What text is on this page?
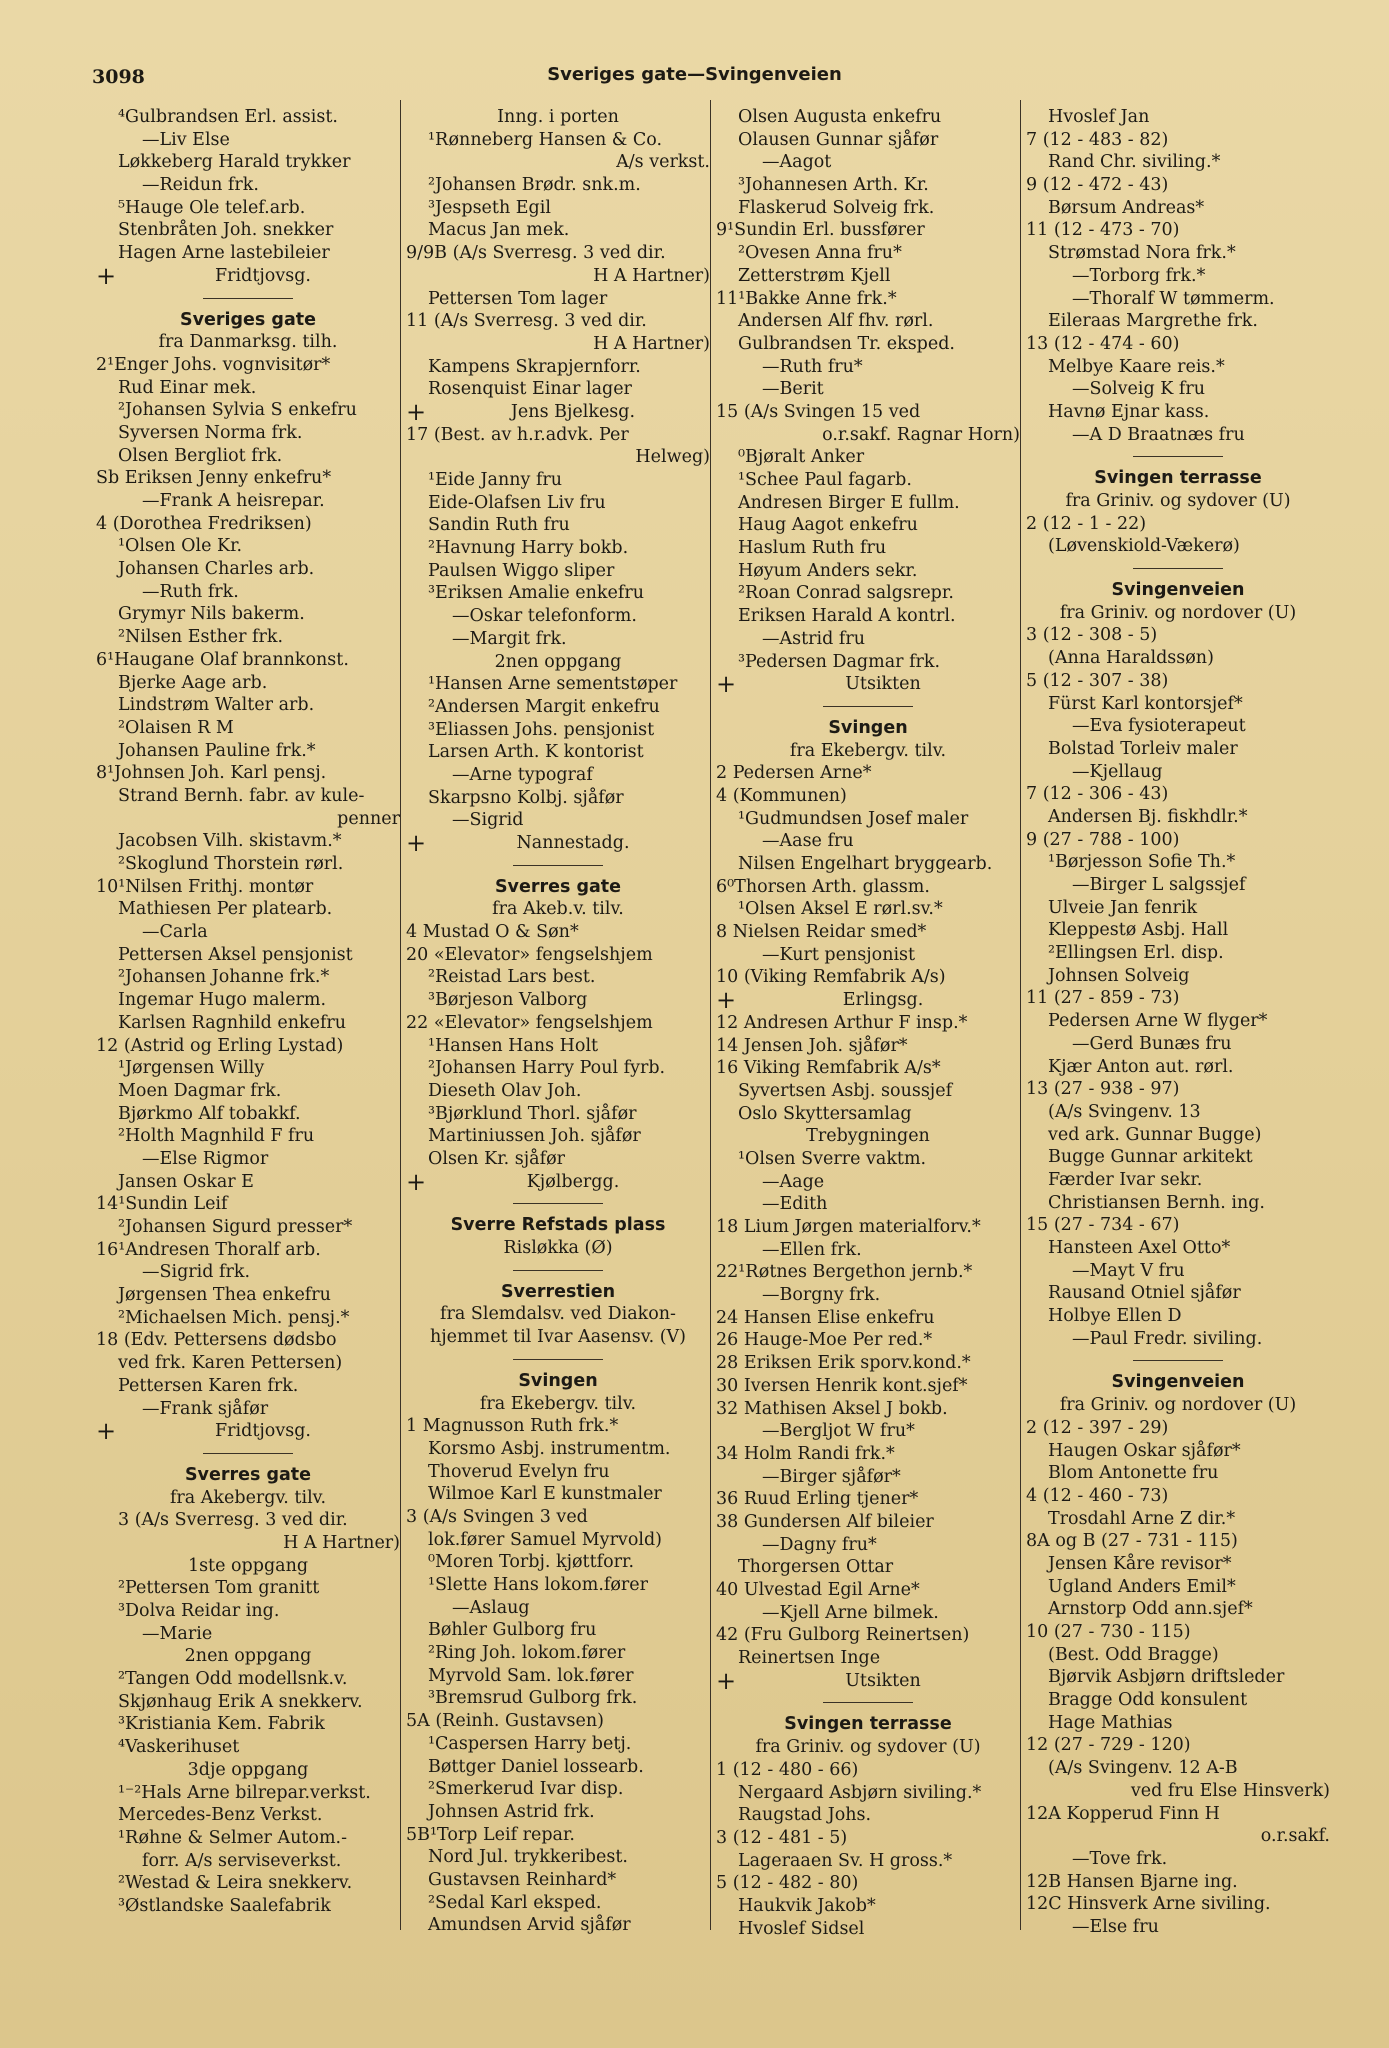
3098	Sveriges gate—Svingenveien
⁴Gulbrandsen Erl. assist.
—Liv Else
Løkkeberg Harald trykker
—Reidun frk.
⁵Hauge Ole telef.arb.
Stenbråten Joh. snekker
Hagen Arne lastebileier
+	Fridtjovsg.
Sveriges gate
fra Danmarksg. tilh.
2¹Enger Johs. vognvisitør*
Rud Einar mek.
²Johansen Sylvia S enkefru
Syversen Norma frk.
Olsen Bergliot frk.
Sb Eriksen Jenny enkefru*
—Frank A heisrepar.
4 (Dorothea Fredriksen)
¹Olsen Ole Kr.
Johansen Charles arb.
—Ruth frk.
Grymyr Nils bakerm.
²Nilsen Esther frk.
6¹Haugane Olaf brannkonst.
Bjerke Aage arb.
Lindstrøm Walter arb.
²Olaisen R M
Johansen Pauline frk.*
8¹Johnsen Joh. Karl pensj.
Strand Bernh. fabr. av kule-
penner
Jacobsen Vilh. skistavm.*
²Skoglund Thorstein rørl.
10¹Nilsen Frithj. montør
Mathiesen Per platearb.
—Carla
Pettersen Aksel pensjonist
²Johansen Johanne frk.*
Ingemar Hugo malerm.
Karlsen Ragnhild enkefru
12 (Astrid og Erling Lystad)
¹Jørgensen Willy
Moen Dagmar frk.
Bjørkmo Alf tobakkf.
²Holth Magnhild F fru
—Else Rigmor
Jansen Oskar E
14¹Sundin Leif
²Johansen Sigurd presser*
16¹Andresen Thoralf arb.
—Sigrid frk.
Jørgensen Thea enkefru
²Michaelsen Mich. pensj.*
18 (Edv. Pettersens dødsbo
ved frk. Karen Pettersen)
Pettersen Karen frk.
—Frank sjåfør
+	Fridtjovsg.
Sverres gate
fra Akebergv. tilv.
3 (A/s Sverresg. 3 ved dir.
H A Hartner)
1ste oppgang
²Pettersen Tom granitt
³Dolva Reidar ing.
—Marie
2nen oppgang
²Tangen Odd modellsnk.v.
Skjønhaug Erik A snekkerv.
³Kristiania Kem. Fabrik
⁴Vaskerihuset
3dje oppgang
¹⁻²Hals Arne bilrepar.verkst.
Mercedes-Benz Verkst.
¹Røhne & Selmer Autom.-
forr. A/s serviseverkst.
²Westad & Leira snekkerv.
³Østlandske Saalefabrik
Inng. i porten
¹Rønneberg Hansen & Co.
A/s verkst.
²Johansen Brødr. snk.m.
³Jespseth Egil
Macus Jan mek.
9/9B (A/s Sverresg. 3 ved dir.
H A Hartner)
Pettersen Tom lager
11 (A/s Sverresg. 3 ved dir.
H A Hartner)
Kampens Skrapjernforr.
Rosenquist Einar lager
+	Jens Bjelkesg.
17 (Best. av h.r.advk. Per
Helweg)
¹Eide Janny fru
Eide-Olafsen Liv fru
Sandin Ruth fru
²Havnung Harry bokb.
Paulsen Wiggo sliper
³Eriksen Amalie enkefru
—Oskar telefonform.
—Margit frk.
2nen oppgang
¹Hansen Arne sementstøper
²Andersen Margit enkefru
³Eliassen Johs. pensjonist
Larsen Arth. K kontorist
—Arne typograf
Skarpsno Kolbj. sjåfør
—Sigrid
+	Nannestadg.
Sverres gate
fra Akeb.v. tilv.
4 Mustad O & Søn*
20 «Elevator» fengselshjem
²Reistad Lars best.
³Børjeson Valborg
22 «Elevator» fengselshjem
¹Hansen Hans Holt
²Johansen Harry Poul fyrb.
Dieseth Olav Joh.
³Bjørklund Thorl. sjåfør
Martiniussen Joh. sjåfør
Olsen Kr. sjåfør
+	Kjølbergg.
Sverre Refstads plass
Risløkka (Ø)
Sverrestien
fra Slemdalsv. ved Diakon-
hjemmet til Ivar Aasensv. (V)
Svingen
fra Ekebergv. tilv.
1 Magnusson Ruth frk.*
Korsmo Asbj. instrumentm.
Thoverud Evelyn fru
Wilmoe Karl E kunstmaler
3 (A/s Svingen 3 ved
lok.fører Samuel Myrvold)
⁰Moren Torbj. kjøttforr.
¹Slette Hans lokom.fører
—Aslaug
Bøhler Gulborg fru
²Ring Joh. lokom.fører
Myrvold Sam. lok.fører
³Bremsrud Gulborg frk.
5A (Reinh. Gustavsen)
¹Caspersen Harry betj.
Bøttger Daniel lossearb.
²Smerkerud Ivar disp.
Johnsen Astrid frk.
5B¹Torp Leif repar.
Nord Jul. trykkeribest.
Gustavsen Reinhard*
²Sedal Karl eksped.
Amundsen Arvid sjåfør
Olsen Augusta enkefru
Olausen Gunnar sjåfør
—Aagot
³Johannesen Arth. Kr.
Flaskerud Solveig frk.
9¹Sundin Erl. bussfører
²Ovesen Anna fru*
Zetterstrøm Kjell
11¹Bakke Anne frk.*
Andersen Alf fhv. rørl.
Gulbrandsen Tr. eksped.
—Ruth fru*
—Berit
15 (A/s Svingen 15 ved
o.r.sakf. Ragnar Horn)
⁰Bjøralt Anker
¹Schee Paul fagarb.
Andresen Birger E fullm.
Haug Aagot enkefru
Haslum Ruth fru
Høyum Anders sekr.
²Roan Conrad salgsrepr.
Eriksen Harald A kontrl.
—Astrid fru
³Pedersen Dagmar frk.
+	Utsikten
Svingen
fra Ekebergv. tilv.
2 Pedersen Arne*
4 (Kommunen)
¹Gudmundsen Josef maler
—Aase fru
Nilsen Engelhart bryggearb.
6⁰Thorsen Arth. glassm.
¹Olsen Aksel E rørl.sv.*
8 Nielsen Reidar smed*
—Kurt pensjonist
10 (Viking Remfabrik A/s)
+	Erlingsg.
12 Andresen Arthur F insp.*
14 Jensen Joh. sjåfør*
16 Viking Remfabrik A/s*
Syvertsen Asbj. soussjef
Oslo Skyttersamlag
Trebygningen
¹Olsen Sverre vaktm.
—Aage
—Edith
18 Lium Jørgen materialforv.*
—Ellen frk.
22¹Røtnes Bergethon jernb.*
—Borgny frk.
24 Hansen Elise enkefru
26 Hauge-Moe Per red.*
28 Eriksen Erik sporv.kond.*
30 Iversen Henrik kont.sjef*
32 Mathisen Aksel J bokb.
—Bergljot W fru*
34 Holm Randi frk.*
—Birger sjåfør*
36 Ruud Erling tjener*
38 Gundersen Alf bileier
—Dagny fru*
Thorgersen Ottar
40 Ulvestad Egil Arne*
—Kjell Arne bilmek.
42 (Fru Gulborg Reinertsen)
Reinertsen Inge
+	Utsikten
Svingen terrasse
fra Griniv. og sydover (U)
1 (12 - 480 - 66)
Nergaard Asbjørn siviling.*
Raugstad Johs.
3 (12 - 481 - 5)
Lageraaen Sv. H gross.*
5 (12 - 482 - 80)
Haukvik Jakob*
Hvoslef Sidsel
Hvoslef Jan
7 (12 - 483 - 82)
Rand Chr. siviling.*
9 (12 - 472 - 43)
Børsum Andreas*
11 (12 - 473 - 70)
Strømstad Nora frk.*
—Torborg frk.*
—Thoralf W tømmerm.
Eileraas Margrethe frk.
13 (12 - 474 - 60)
Melbye Kaare reis.*
—Solveig K fru
Havnø Ejnar kass.
—A D Braatnæs fru
Svingen terrasse
fra Griniv. og sydover (U)
2 (12 - 1 - 22)
(Løvenskiold-Vækerø)
Svingenveien
fra Griniv. og nordover (U)
3 (12 - 308 - 5)
(Anna Haraldssøn)
5 (12 - 307 - 38)
Fürst Karl kontorsjef*
—Eva fysioterapeut
Bolstad Torleiv maler
—Kjellaug
7 (12 - 306 - 43)
Andersen Bj. fiskhdlr.*
9 (27 - 788 - 100)
¹Børjesson Sofie Th.*
—Birger L salgssjef
Ulveie Jan fenrik
Kleppestø Asbj. Hall
²Ellingsen Erl. disp.
Johnsen Solveig
11 (27 - 859 - 73)
Pedersen Arne W flyger*
—Gerd Bunæs fru
Kjær Anton aut. rørl.
13 (27 - 938 - 97)
(A/s Svingenv. 13
ved ark. Gunnar Bugge)
Bugge Gunnar arkitekt
Færder Ivar sekr.
Christiansen Bernh. ing.
15 (27 - 734 - 67)
Hansteen Axel Otto*
—Mayt V fru
Rausand Otniel sjåfør
Holbye Ellen D
—Paul Fredr. siviling.
Svingenveien
fra Griniv. og nordover (U)
2 (12 - 397 - 29)
Haugen Oskar sjåfør*
Blom Antonette fru
4 (12 - 460 - 73)
Trosdahl Arne Z dir.*
8A og B (27 - 731 - 115)
Jensen Kåre revisor*
Ugland Anders Emil*
Arnstorp Odd ann.sjef*
10 (27 - 730 - 115)
(Best. Odd Bragge)
Bjørvik Asbjørn driftsleder
Bragge Odd konsulent
Hage Mathias
12 (27 - 729 - 120)
(A/s Svingenv. 12 A-B
ved fru Else Hinsverk)
12A Kopperud Finn H
o.r.sakf.
—Tove frk.
12B Hansen Bjarne ing.
12C Hinsverk Arne siviling.
—Else fru
